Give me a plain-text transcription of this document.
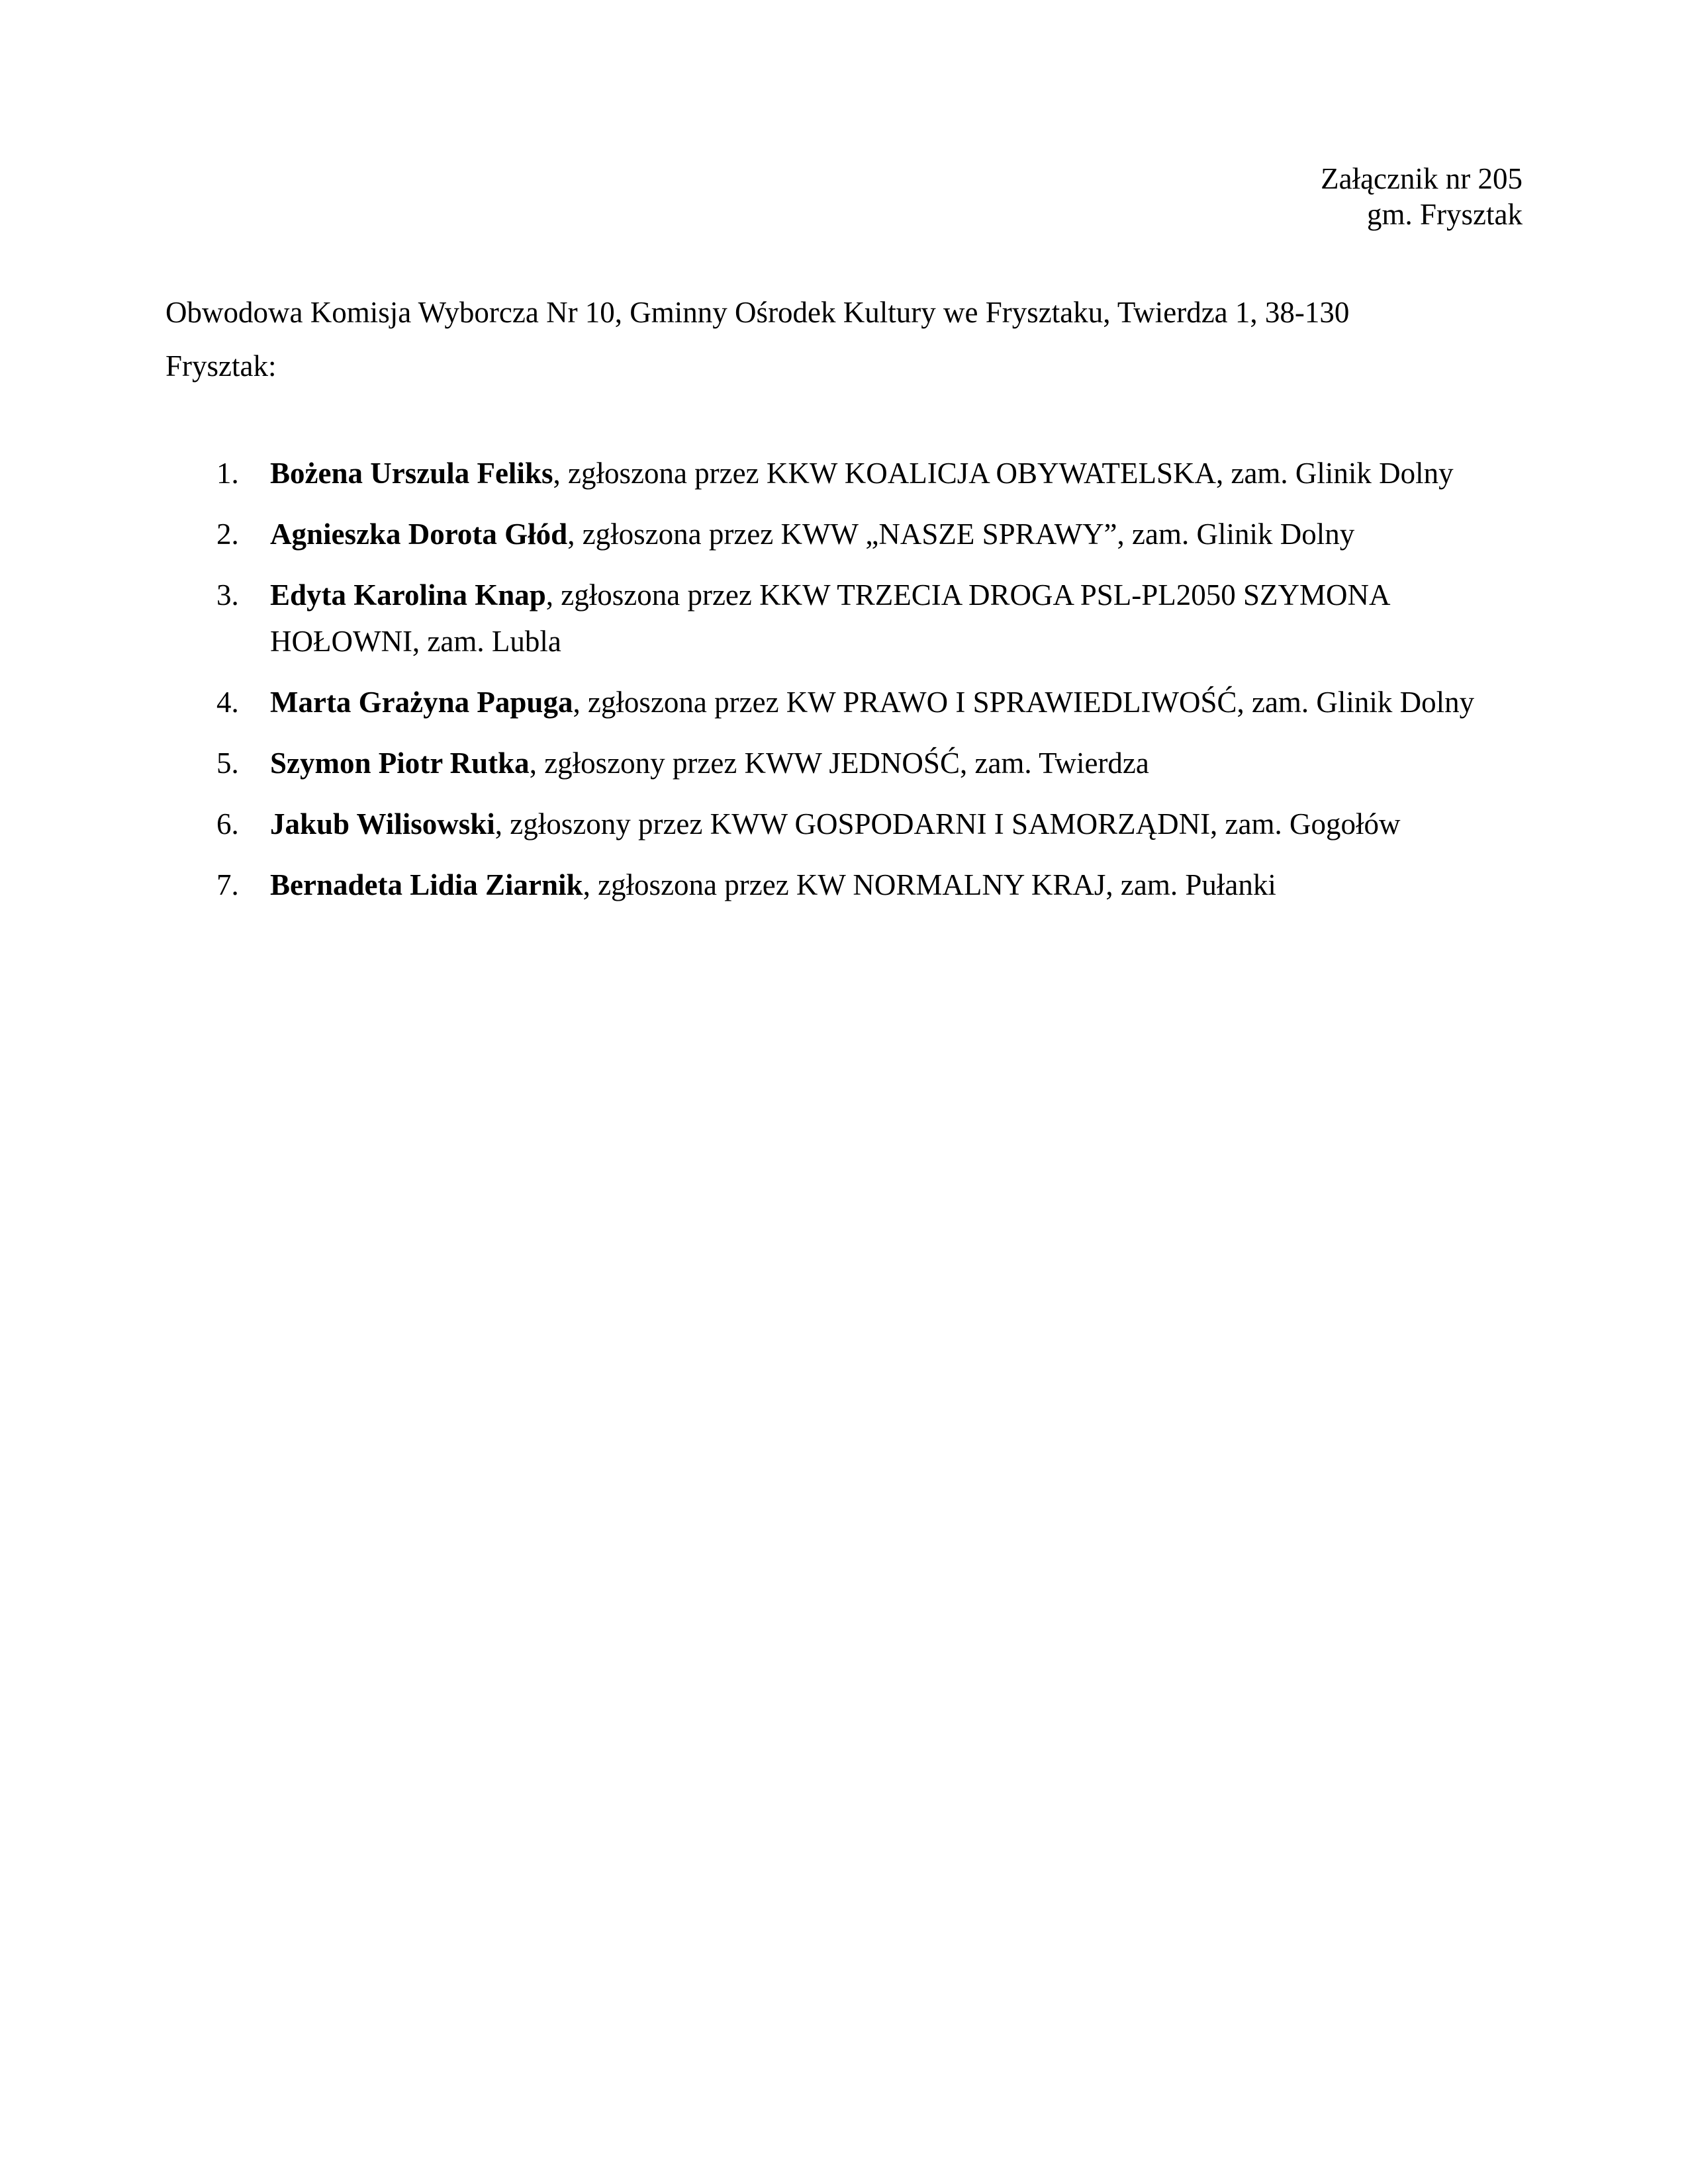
Załącznik nr 205
gm. Frysztak
Obwodowa Komisja Wyborcza Nr 10, Gminny Ośrodek Kultury we Frysztaku, Twierdza 1, 38-130 Frysztak:
1. Bożena Urszula Feliks, zgłoszona przez KKW KOALICJA OBYWATELSKA, zam. Glinik Dolny
2. Agnieszka Dorota Głód, zgłoszona przez KWW „NASZE SPRAWY”, zam. Glinik Dolny
3. Edyta Karolina Knap, zgłoszona przez KKW TRZECIA DROGA PSL-PL2050 SZYMONA HOŁOWNI, zam. Lubla
4. Marta Grażyna Papuga, zgłoszona przez KW PRAWO I SPRAWIEDLIWOŚĆ, zam. Glinik Dolny
5. Szymon Piotr Rutka, zgłoszony przez KWW JEDNOŚĆ, zam. Twierdza
6. Jakub Wilisowski, zgłoszony przez KWW GOSPODARNI I SAMORZĄDNI, zam. Gogołów
7. Bernadeta Lidia Ziarnik, zgłoszona przez KW NORMALNY KRAJ, zam. Pułanki
